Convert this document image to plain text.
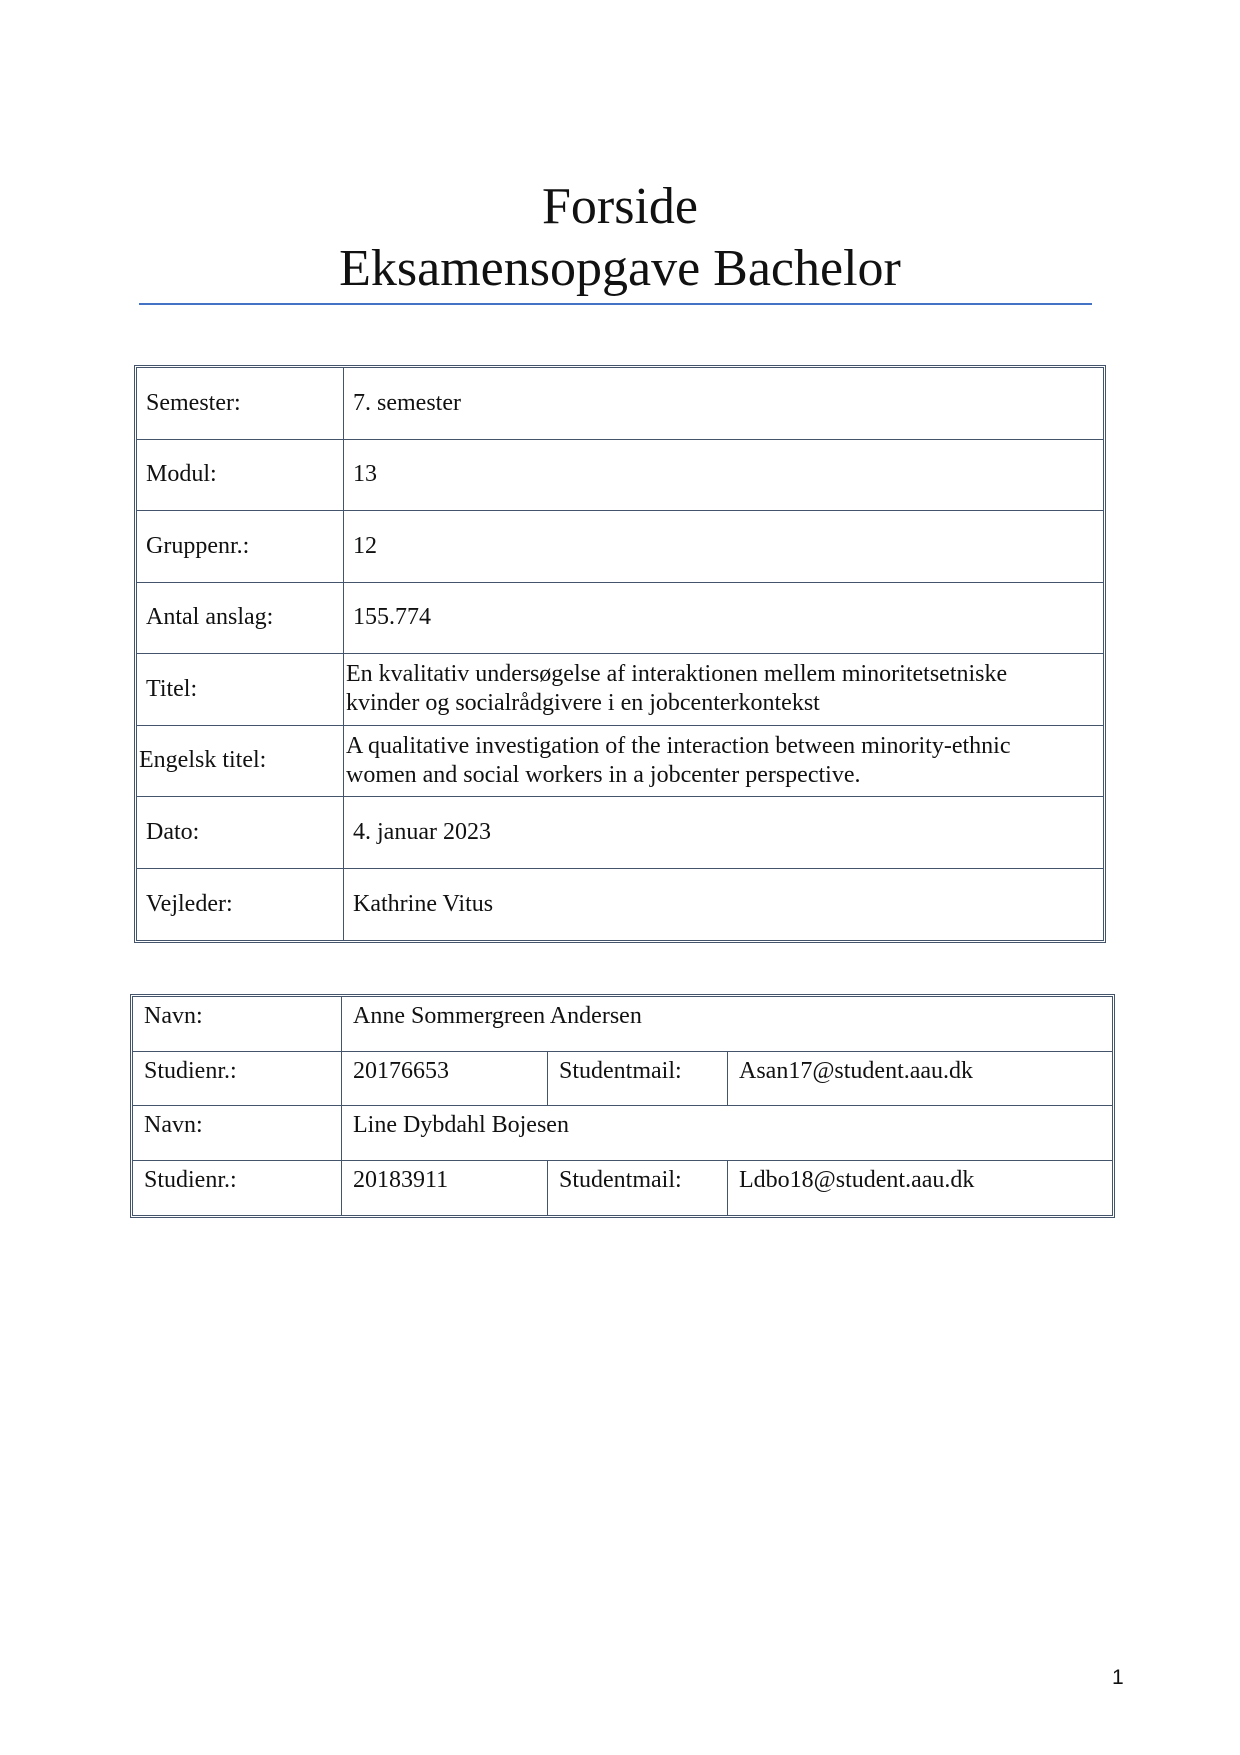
Forside

Eksamensopgave Bachelor

Semester:	7. semester
Modul:	13
Gruppenr.:	12
Antal anslag:	155.774
Titel:
En kvalitativ undersøgelse af interaktionen mellem minoritetsetniske
kvinder og socialrådgivere i en jobcenterkontekst
Engelsk titel:
A qualitative investigation of the interaction between minority-ethnic
women and social workers in a jobcenter perspective.
Dato:	4. januar 2023
Vejleder:	Kathrine Vitus
Navn:	Anne Sommergreen Andersen
Studienr.:	20176653	Studentmail:	Asan17@student.aau.dk
Navn:	Line Dybdahl Bojesen
Studienr.:	20183911	Studentmail:	Ldbo18@student.aau.dk
1
